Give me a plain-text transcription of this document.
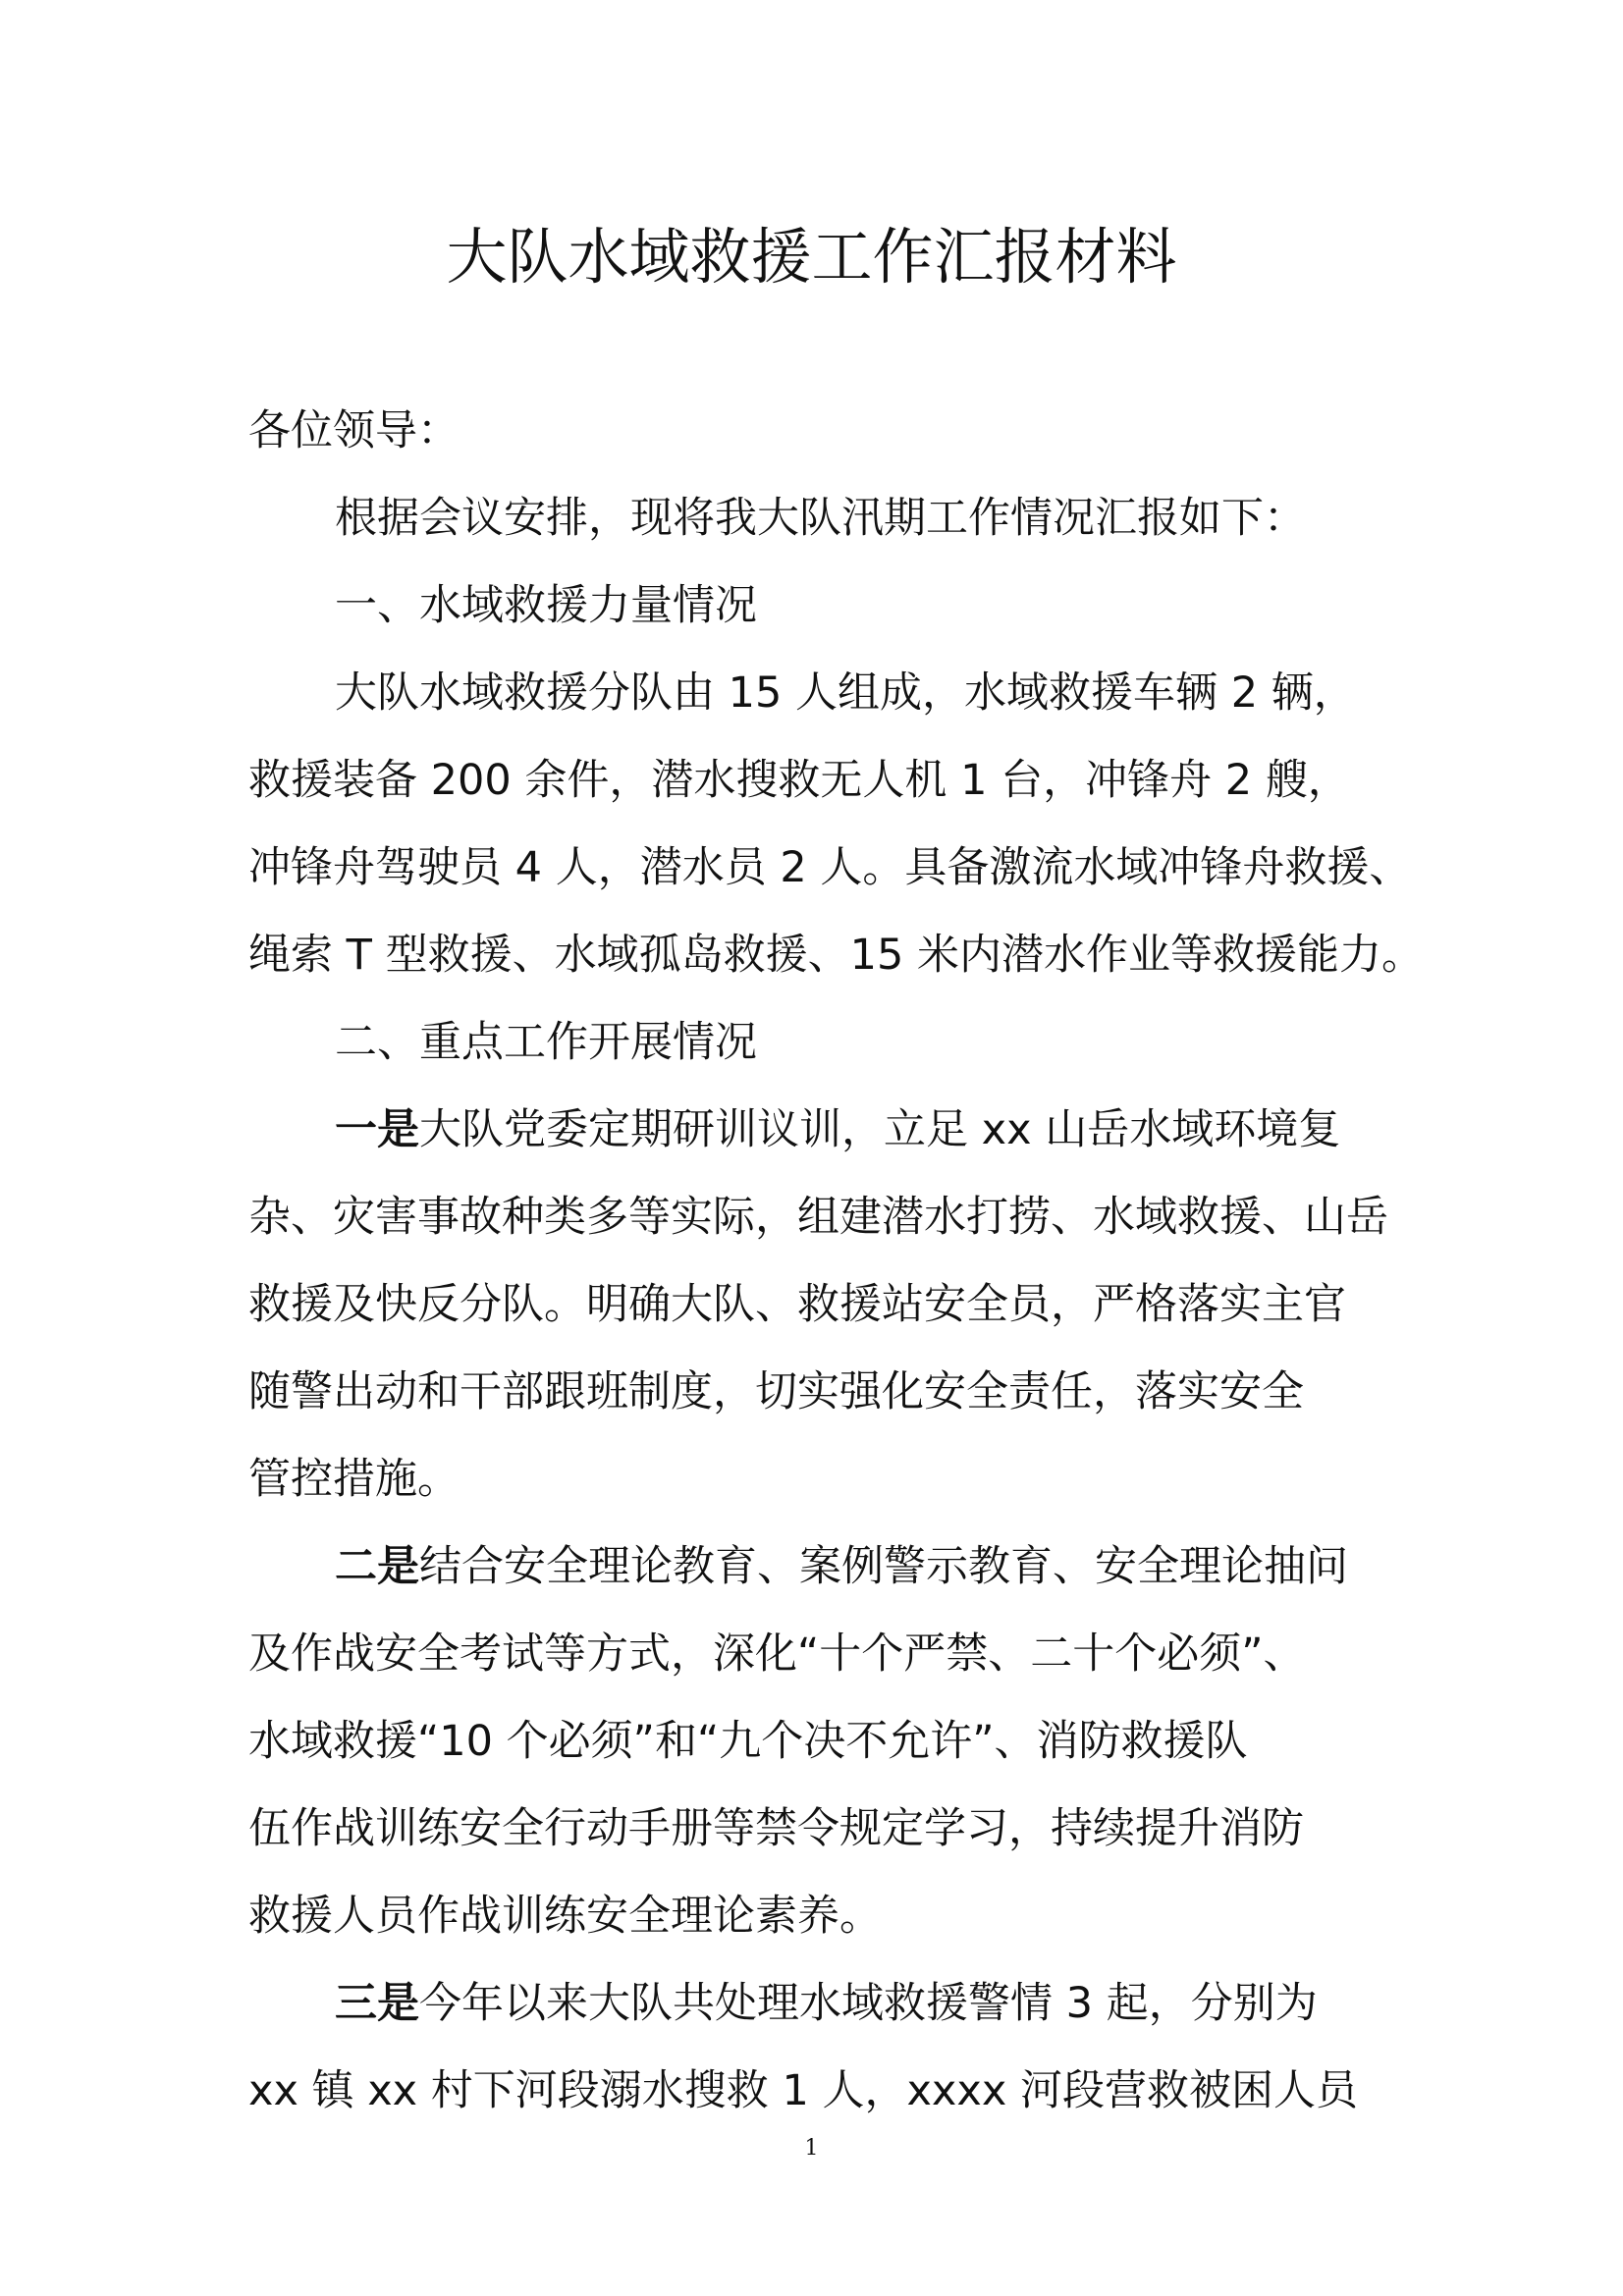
大队水域救援工作汇报材料

各位领导：

根据会议安排，现将我大队汛期工作情况汇报如下：

一、水域救援力量情况

大队水域救援分队由 15 人组成，水域救援车辆 2 辆，
救援装备 200 余件，潜水搜救无人机 1 台，冲锋舟 2 艘，
冲锋舟驾驶员 4 人，潜水员 2 人。具备激流水域冲锋舟救援、
绳索 T 型救援、水域孤岛救援、15 米内潜水作业等救援能力。

二、重点工作开展情况

一是大队党委定期研训议训，立足 xx 山岳水域环境复
杂、灾害事故种类多等实际，组建潜水打捞、水域救援、山岳
救援及快反分队。明确大队、救援站安全员，严格落实主官
随警出动和干部跟班制度，切实强化安全责任，落实安全
管控措施。
二是结合安全理论教育、案例警示教育、安全理论抽问
及作战安全考试等方式，深化“十个严禁、二十个必须”、
水域救援“10 个必须”和“九个决不允许”、消防救援队
伍作战训练安全行动手册等禁令规定学习，持续提升消防
救援人员作战训练安全理论素养。
三是今年以来大队共处理水域救援警情 3 起，分别为
xx 镇 xx 村下河段溺水搜救 1 人，xxxx 河段营救被困人员
1
